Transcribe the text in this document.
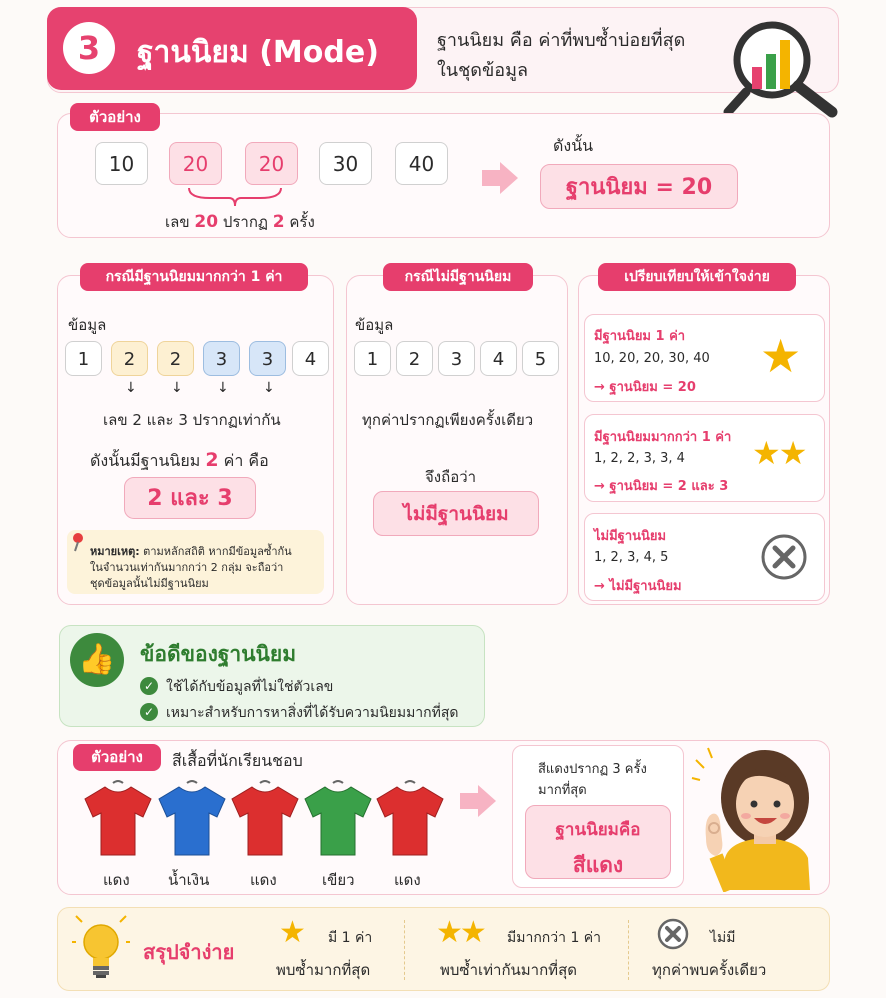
3	ฐานนิยม (Mode)	ฐานนิยม คือ ค่าที่พบซ้ำบ่อยที่สุด
ในชุดข้อมูล
ตัวอย่าง
10	20	20	30	40
เลข 20 ปรากฏ 2 ครั้ง
ดังนั้น
ฐานนิยม = 20
กรณีมีฐานนิยมมากกว่า 1 ค่า
ข้อมูล
1	2	2	3	3	4
↓ ↓ ↓ ↓
เลข 2 และ 3 ปรากฏเท่ากัน
ดังนั้นมีฐานนิยม 2 ค่า คือ
2 และ 3
หมายเหตุ: ตามหลักสถิติ หากมีข้อมูลซ้ำกัน
ในจำนวนเท่ากันมากกว่า 2 กลุ่ม จะถือว่า
ชุดข้อมูลนั้นไม่มีฐานนิยม
กรณีไม่มีฐานนิยม
ข้อมูล
1	2	3	4	5
ทุกค่าปรากฏเพียงครั้งเดียว
จึงถือว่า
ไม่มีฐานนิยม
เปรียบเทียบให้เข้าใจง่าย
มีฐานนิยม 1 ค่า
10, 20, 20, 30, 40
→ ฐานนิยม = 20
★
มีฐานนิยมมากกว่า 1 ค่า
1, 2, 2, 3, 3, 4
→ ฐานนิยม = 2 และ 3
★★
ไม่มีฐานนิยม
1, 2, 3, 4, 5
→ ไม่มีฐานนิยม
👍	ข้อดีของฐานนิยม
✓ ใช้ได้กับข้อมูลที่ไม่ใช่ตัวเลข
✓ เหมาะสำหรับการหาสิ่งที่ได้รับความนิยมมากที่สุด
ตัวอย่าง	สีเสื้อที่นักเรียนชอบ
แดง	น้ำเงิน	แดง	เขียว	แดง
สีแดงปรากฏ 3 ครั้ง
มากที่สุด
ฐานนิยมคือ
สีแดง
สรุปจำง่าย
★ มี 1 ค่า
พบซ้ำมากที่สุด
★★ มีมากกว่า 1 ค่า
พบซ้ำเท่ากันมากที่สุด
ไม่มี
ทุกค่าพบครั้งเดียว
